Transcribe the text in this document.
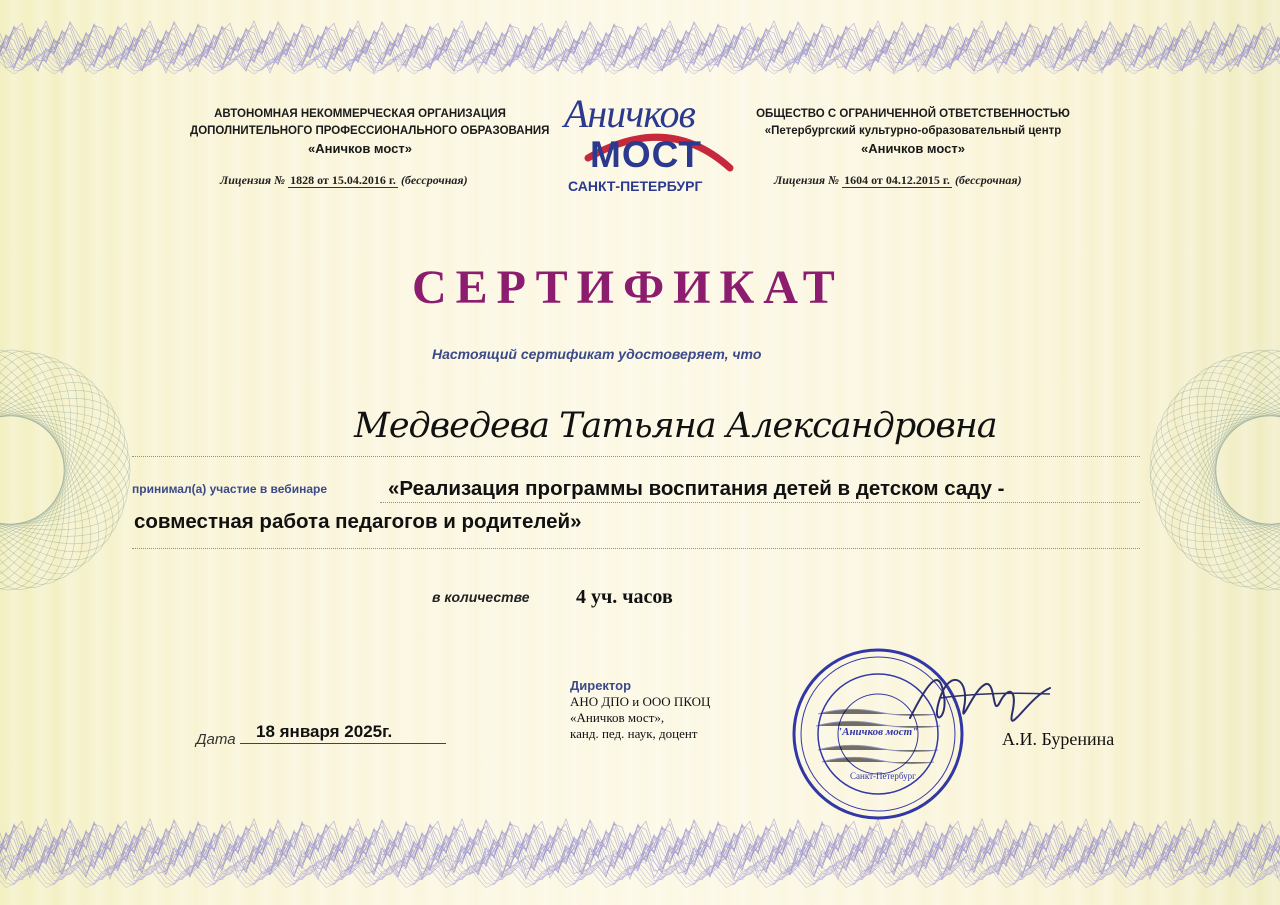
АВТОНОМНАЯ НЕКОММЕРЧЕСКАЯ ОРГАНИЗАЦИЯ
ДОПОЛНИТЕЛЬНОГО ПРОФЕССИОНАЛЬНОГО ОБРАЗОВАНИЯ
«Аничков мост»
Лицензия № 1828 от 15.04.2016 г. (бессрочная)
Аничков
МОСТ
САНКТ-ПЕТЕРБУРГ
ОБЩЕСТВО С ОГРАНИЧЕННОЙ ОТВЕТСТВЕННОСТЬЮ
«Петербургский культурно-образовательный центр
«Аничков мост»
Лицензия № 1604 от 04.12.2015 г. (бессрочная)
СЕРТИФИКАТ
Настоящий сертификат удостоверяет, что
Медведева Татьяна Александровна
принимал(а) участие в вебинаре	«Реализация программы воспитания детей в детском саду -
совместная работа педагогов и родителей»
в количестве 4 уч. часов
Дата 18 января 2025г.
Директор
АНО ДПО и ООО ПКОЦ
«Аничков мост»,
канд. пед. наук, доцент	"Аничков мост"
Санкт-Петербург
А.И. Буренина
